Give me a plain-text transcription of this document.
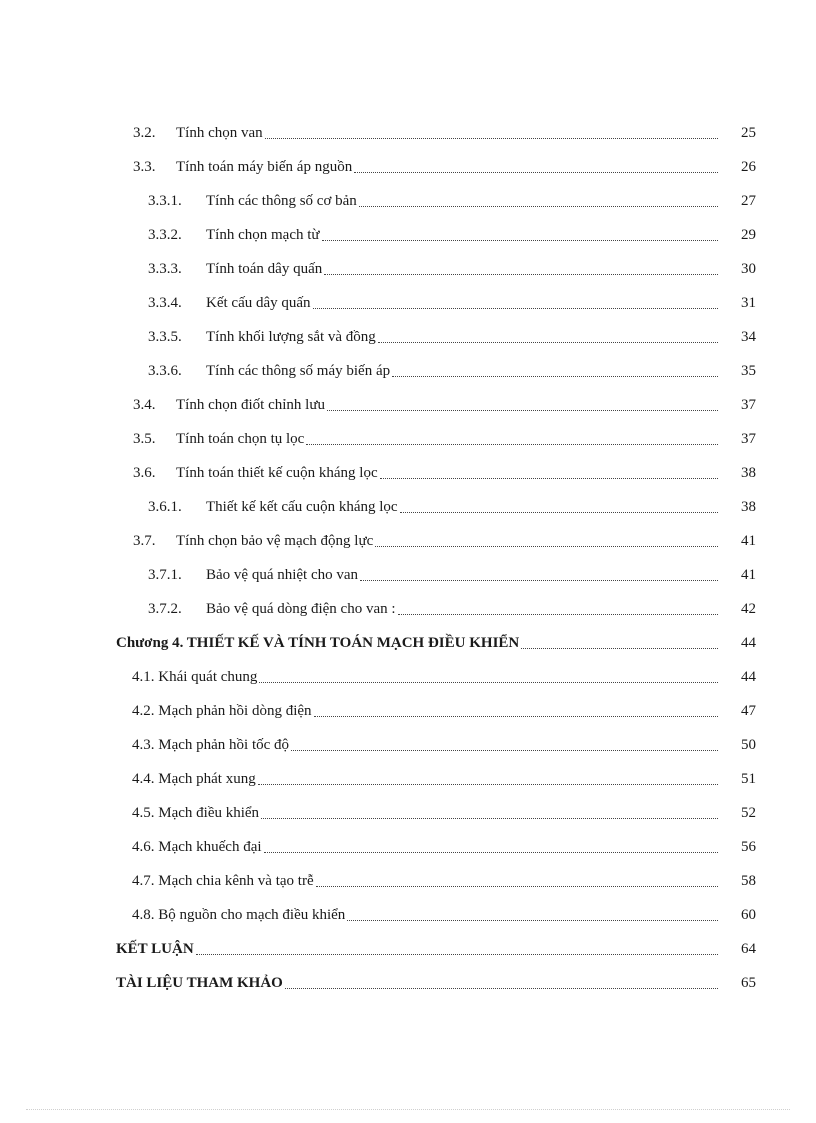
3.2.	Tính chọn van	25
3.3.	Tính toán máy biến áp nguồn	26
3.3.1.	Tính các thông số cơ bản	27
3.3.2.	Tính chọn mạch từ	29
3.3.3.	Tính toán dây quấn	30
3.3.4.	Kết cấu dây quấn	31
3.3.5.	Tính khối lượng sắt và đồng	34
3.3.6.	Tính các thông số máy biến áp	35
3.4.	Tính chọn điốt chỉnh lưu	37
3.5.	Tính toán chọn tụ lọc	37
3.6.	Tính toán thiết kế cuộn kháng lọc	38
3.6.1.	Thiết kế kết cấu cuộn kháng lọc	38
3.7.	Tính chọn bảo vệ mạch động lực	41
3.7.1.	Bảo vệ quá nhiệt cho van	41
3.7.2.	Bảo vệ quá dòng điện cho van :	42
Chương 4. THIẾT KẾ VÀ TÍNH TOÁN MẠCH ĐIỀU KHIỂN	44
4.1. Khái quát chung	44
4.2. Mạch phản hồi dòng điện	47
4.3. Mạch phản hồi tốc độ	50
4.4. Mạch phát xung	51
4.5. Mạch điều khiển	52
4.6. Mạch khuếch đại	56
4.7. Mạch chia kênh và tạo trễ	58
4.8. Bộ nguồn cho mạch điều khiển	60
KẾT LUẬN	64
TÀI LIỆU THAM KHẢO	65
